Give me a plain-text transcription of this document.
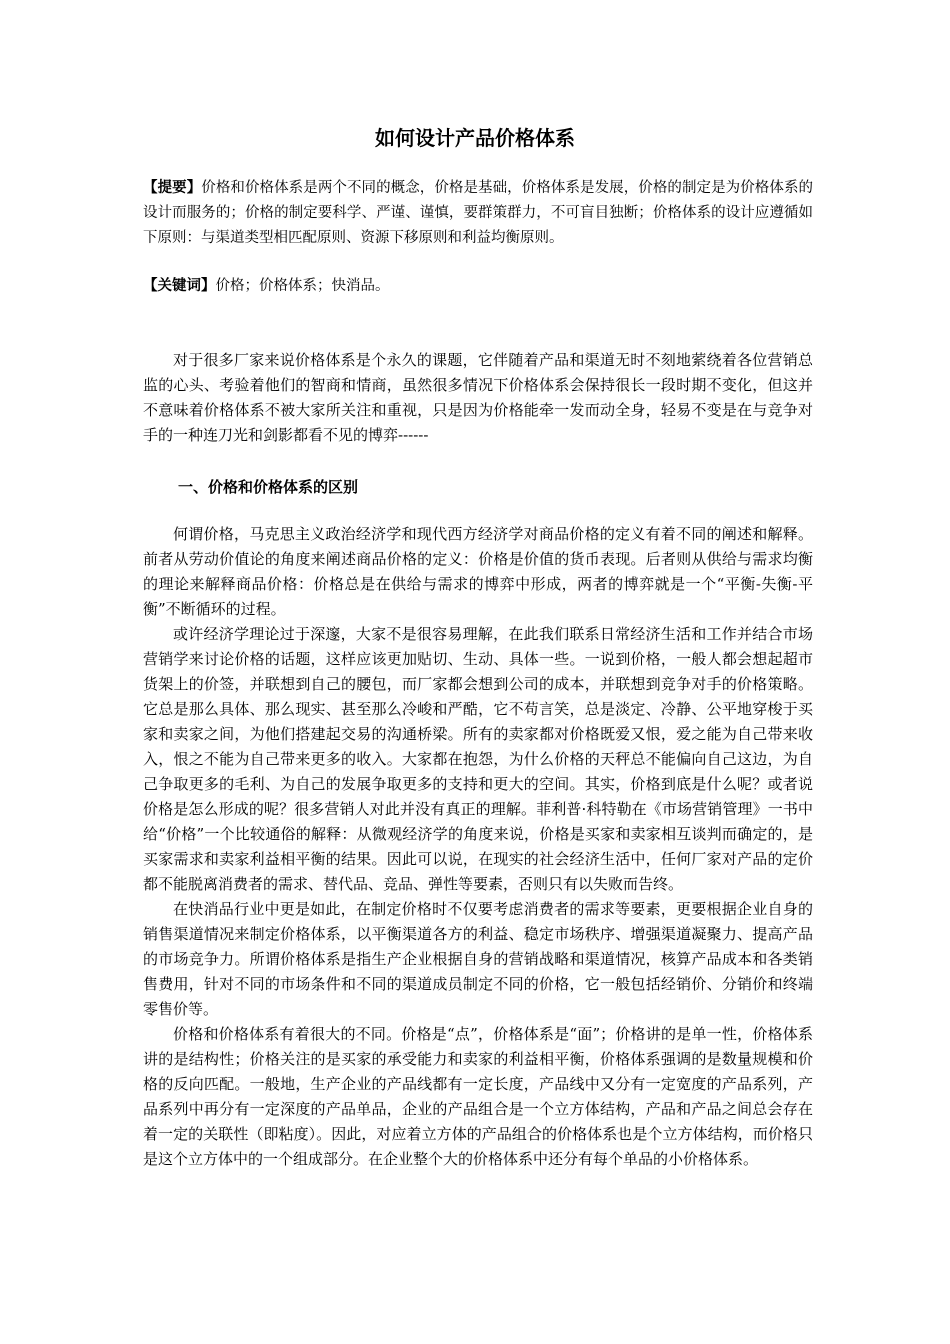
如何设计产品价格体系

【提要】价格和价格体系是两个不同的概念，价格是基础，价格体系是发展，价格的制定是为价格体系的设计而服务的；价格的制定要科学、严谨、谨慎，要群策群力，不可盲目独断；价格体系的设计应遵循如下原则：与渠道类型相匹配原则、资源下移原则和利益均衡原则。

【关键词】价格；价格体系；快消品。

对于很多厂家来说价格体系是个永久的课题，它伴随着产品和渠道无时不刻地萦绕着各位营销总监的心头、考验着他们的智商和情商，虽然很多情况下价格体系会保持很长一段时期不变化，但这并不意味着价格体系不被大家所关注和重视，只是因为价格能牵一发而动全身，轻易不变是在与竞争对手的一种连刀光和剑影都看不见的博弈------

一、价格和价格体系的区别

何谓价格，马克思主义政治经济学和现代西方经济学对商品价格的定义有着不同的阐述和解释。前者从劳动价值论的角度来阐述商品价格的定义：价格是价值的货币表现。后者则从供给与需求均衡的理论来解释商品价格：价格总是在供给与需求的博弈中形成，两者的博弈就是一个“平衡-失衡-平衡”不断循环的过程。

或许经济学理论过于深邃，大家不是很容易理解，在此我们联系日常经济生活和工作并结合市场营销学来讨论价格的话题，这样应该更加贴切、生动、具体一些。一说到价格，一般人都会想起超市货架上的价签，并联想到自己的腰包，而厂家都会想到公司的成本，并联想到竞争对手的价格策略。它总是那么具体、那么现实、甚至那么冷峻和严酷，它不苟言笑，总是淡定、冷静、公平地穿梭于买家和卖家之间，为他们搭建起交易的沟通桥梁。所有的卖家都对价格既爱又恨，爱之能为自己带来收入，恨之不能为自己带来更多的收入。大家都在抱怨，为什么价格的天秤总不能偏向自己这边，为自己争取更多的毛利、为自己的发展争取更多的支持和更大的空间。其实，价格到底是什么呢？或者说价格是怎么形成的呢？很多营销人对此并没有真正的理解。菲利普·科特勒在《市场营销管理》一书中给“价格”一个比较通俗的解释：从微观经济学的角度来说，价格是买家和卖家相互谈判而确定的，是买家需求和卖家利益相平衡的结果。因此可以说，在现实的社会经济生活中，任何厂家对产品的定价都不能脱离消费者的需求、替代品、竞品、弹性等要素，否则只有以失败而告终。

在快消品行业中更是如此，在制定价格时不仅要考虑消费者的需求等要素，更要根据企业自身的销售渠道情况来制定价格体系，以平衡渠道各方的利益、稳定市场秩序、增强渠道凝聚力、提高产品的市场竞争力。所谓价格体系是指生产企业根据自身的营销战略和渠道情况，核算产品成本和各类销售费用，针对不同的市场条件和不同的渠道成员制定不同的价格，它一般包括经销价、分销价和终端零售价等。

价格和价格体系有着很大的不同。价格是“点”，价格体系是“面”；价格讲的是单一性，价格体系讲的是结构性；价格关注的是买家的承受能力和卖家的利益相平衡，价格体系强调的是数量规模和价格的反向匹配。一般地，生产企业的产品线都有一定长度，产品线中又分有一定宽度的产品系列，产品系列中再分有一定深度的产品单品，企业的产品组合是一个立方体结构，产品和产品之间总会存在着一定的关联性（即粘度）。因此，对应着立方体的产品组合的价格体系也是个立方体结构，而价格只是这个立方体中的一个组成部分。在企业整个大的价格体系中还分有每个单品的小价格体系。
